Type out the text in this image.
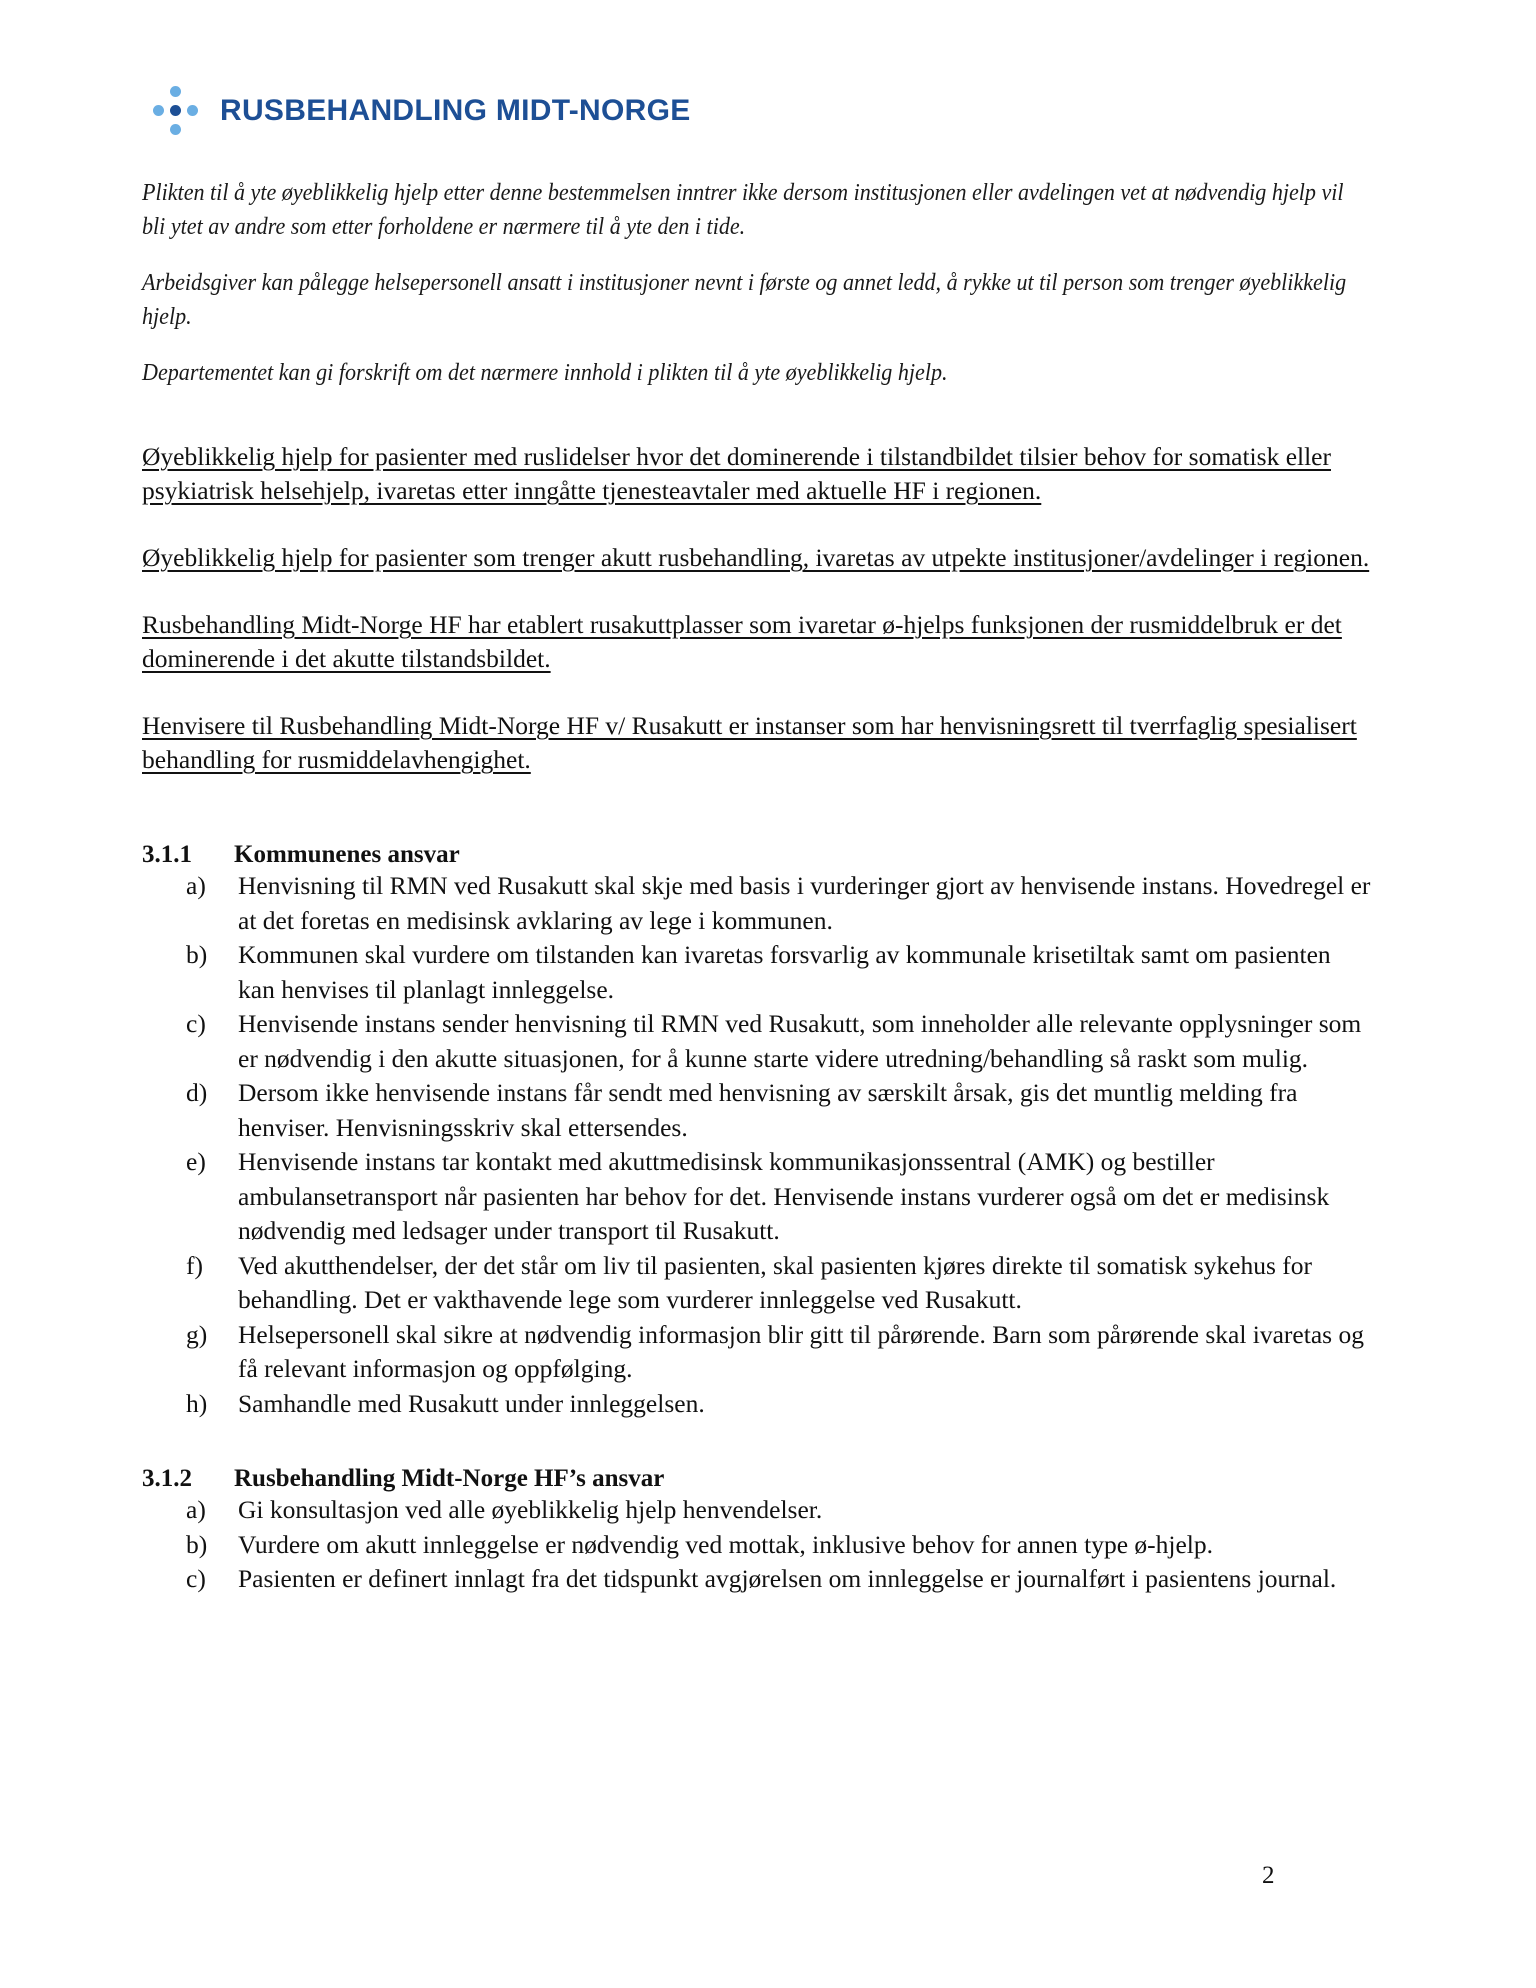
RUSBEHANDLING MIDT-NORGE

Plikten til å yte øyeblikkelig hjelp etter denne bestemmelsen inntrer ikke dersom institusjonen eller avdelingen vet at nødvendig hjelp vil bli ytet av andre som etter forholdene er nærmere til å yte den i tide.

Arbeidsgiver kan pålegge helsepersonell ansatt i institusjoner nevnt i første og annet ledd, å rykke ut til person som trenger øyeblikkelig hjelp.

Departementet kan gi forskrift om det nærmere innhold i plikten til å yte øyeblikkelig hjelp.

Øyeblikkelig hjelp for pasienter med ruslidelser hvor det dominerende i tilstandbildet tilsier behov for somatisk eller psykiatrisk helsehjelp, ivaretas etter inngåtte tjenesteavtaler med aktuelle HF i regionen.

Øyeblikkelig hjelp for pasienter som trenger akutt rusbehandling, ivaretas av utpekte institusjoner/avdelinger i regionen.

Rusbehandling Midt-Norge HF har etablert rusakuttplasser som ivaretar ø-hjelps funksjonen der rusmiddelbruk er det dominerende i det akutte tilstandsbildet.

Henvisere til Rusbehandling Midt-Norge HF v/ Rusakutt er instanser som har henvisningsrett til tverrfaglig spesialisert behandling for rusmiddelavhengighet.

3.1.1	Kommunenes ansvar
a)	Henvisning til RMN ved Rusakutt skal skje med basis i vurderinger gjort av henvisende instans. Hovedregel er at det foretas en medisinsk avklaring av lege i kommunen.
b)	Kommunen skal vurdere om tilstanden kan ivaretas forsvarlig av kommunale krisetiltak samt om pasienten kan henvises til planlagt innleggelse.
c)	Henvisende instans sender henvisning til RMN ved Rusakutt, som inneholder alle relevante opplysninger som er nødvendig i den akutte situasjonen, for å kunne starte videre utredning/behandling så raskt som mulig.
d)	Dersom ikke henvisende instans får sendt med henvisning av særskilt årsak, gis det muntlig melding fra henviser. Henvisningsskriv skal ettersendes.
e)	Henvisende instans tar kontakt med akuttmedisinsk kommunikasjonssentral (AMK) og bestiller ambulansetransport når pasienten har behov for det. Henvisende instans vurderer også om det er medisinsk nødvendig med ledsager under transport til Rusakutt.
f)	Ved akutthendelser, der det står om liv til pasienten, skal pasienten kjøres direkte til somatisk sykehus for behandling. Det er vakthavende lege som vurderer innleggelse ved Rusakutt.
g)	Helsepersonell skal sikre at nødvendig informasjon blir gitt til pårørende. Barn som pårørende skal ivaretas og få relevant informasjon og oppfølging.
h)	Samhandle med Rusakutt under innleggelsen.
3.1.2	Rusbehandling Midt-Norge HF’s ansvar
a)	Gi konsultasjon ved alle øyeblikkelig hjelp henvendelser.
b)	Vurdere om akutt innleggelse er nødvendig ved mottak, inklusive behov for annen type ø-hjelp.
c)	Pasienten er definert innlagt fra det tidspunkt avgjørelsen om innleggelse er journalført i pasientens journal.
2
